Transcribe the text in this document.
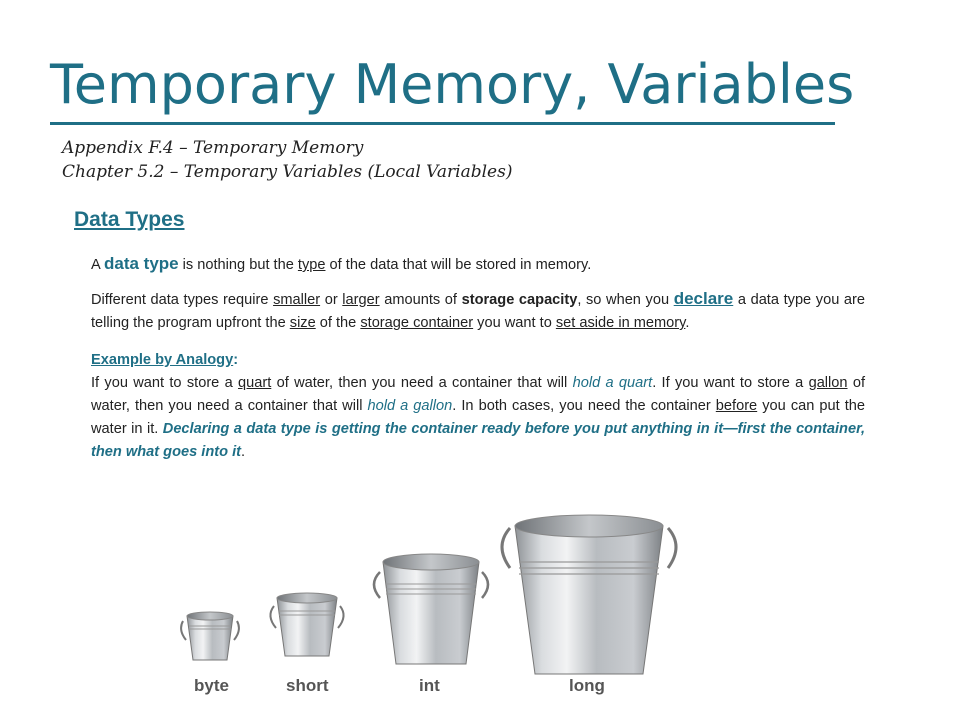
Temporary Memory, Variables
Appendix F.4 – Temporary Memory
Chapter 5.2 – Temporary Variables (Local Variables)
Data Types

A data type is nothing but the type of the data that will be stored in memory.

Different data types require smaller or larger amounts of storage capacity, so when you declare a data type you are telling the program upfront the size of the storage container you want to set aside in memory.

Example by Analogy:

If you want to store a quart of water, then you need a container that will hold a quart. If you want to store a gallon of water, then you need a container that will hold a gallon. In both cases, you need the container before you can put the water in it. Declaring a data type is getting the container ready before you put anything in it—first the container, then what goes into it.

byte	short	int	long
